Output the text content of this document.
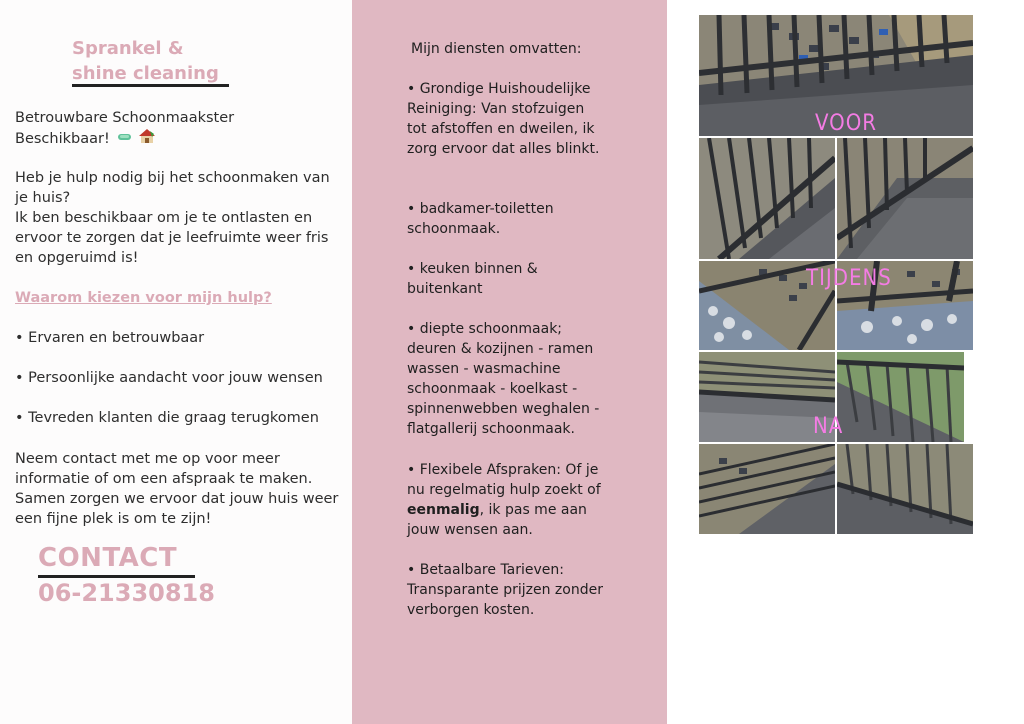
Sprankel &
shine cleaning
Betrouwbare Schoonmaakster
Beschikbaar!
Heb je hulp nodig bij het schoonmaken van je huis?
Ik ben beschikbaar om je te ontlasten en ervoor te zorgen dat je leefruimte weer fris en opgeruimd is!
Waarom kiezen voor mijn hulp?
• Ervaren en betrouwbaar
• Persoonlijke aandacht voor jouw wensen
• Tevreden klanten die graag terugkomen
Neem contact met me op voor meer informatie of om een afspraak te maken.
Samen zorgen we ervoor dat jouw huis weer een fijne plek is om te zijn!
CONTACT
06-21330818
Mijn diensten omvatten:
• Grondige Huishoudelijke Reiniging: Van stofzuigen tot afstoffen en dweilen, ik zorg ervoor dat alles blinkt.
• badkamer-toiletten schoonmaak.
• keuken binnen & buitenkant
• diepte schoonmaak; deuren & kozijnen - ramen wassen - wasmachine schoonmaak - koelkast - spinnenwebben weghalen - flatgallerij schoonmaak.
• Flexibele Afspraken: Of je nu regelmatig hulp zoekt of eenmalig, ik pas me aan jouw wensen aan.
• Betaalbare Tarieven: Transparante prijzen zonder verborgen kosten.
VOOR
TIJDENS
NA
